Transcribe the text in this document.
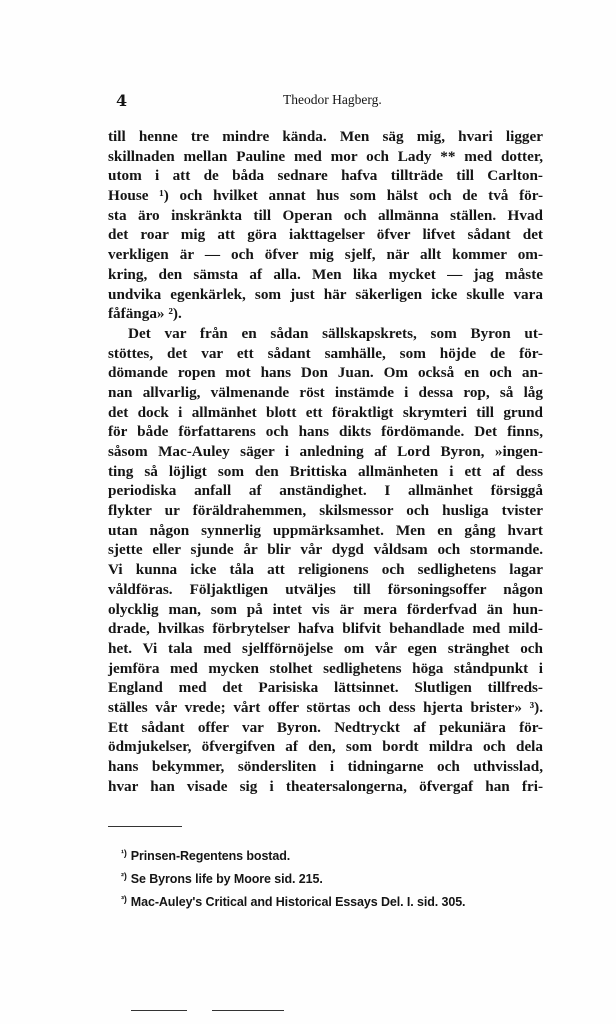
4	Theodor Hagberg.
till henne tre mindre kända. Men säg mig, hvari ligger
skillnaden mellan Pauline med mor och Lady ** med dotter,
utom i att de båda sednare hafva tillträde till Carlton-
House ¹) och hvilket annat hus som hälst och de två för-
sta äro inskränkta till Operan och allmänna ställen. Hvad
det roar mig att göra iakttagelser öfver lifvet sådant det
verkligen är — och öfver mig sjelf, när allt kommer om-
kring, den sämsta af alla. Men lika mycket — jag måste
undvika egenkärlek, som just här säkerligen icke skulle vara
fåfänga» ²).
Det var från en sådan sällskapskrets, som Byron ut-
stöttes, det var ett sådant samhälle, som höjde de för-
dömande ropen mot hans Don Juan. Om också en och an-
nan allvarlig, välmenande röst instämde i dessa rop, så låg
det dock i allmänhet blott ett föraktligt skrymteri till grund
för både författarens och hans dikts fördömande. Det finns,
såsom Mac-Auley säger i anledning af Lord Byron, »ingen-
ting så löjligt som den Brittiska allmänheten i ett af dess
periodiska anfall af anständighet. I allmänhet försiggå
flykter ur föräldrahemmen, skilsmessor och husliga tvister
utan någon synnerlig uppmärksamhet. Men en gång hvart
sjette eller sjunde år blir vår dygd våldsam och stormande.
Vi kunna icke tåla att religionens och sedlighetens lagar
våldföras. Följaktligen utväljes till försoningsoffer någon
olycklig man, som på intet vis är mera förderfvad än hun-
drade, hvilkas förbrytelser hafva blifvit behandlade med mild-
het. Vi tala med sjelfförnöjelse om vår egen stränghet och
jemföra med mycken stolhet sedlighetens höga ståndpunkt i
England med det Parisiska lättsinnet. Slutligen tillfreds-
ställes vår vrede; vårt offer störtas och dess hjerta brister» ³).
Ett sådant offer var Byron. Nedtryckt af pekuniära för-
ödmjukelser, öfvergifven af den, som bordt mildra och dela
hans bekymmer, söndersliten i tidningarne och uthvisslad,
hvar han visade sig i theatersalongerna, öfvergaf han fri-
$^{^1)}$ Prinsen-Regentens bostad.
$^{^2)}$ Se Byrons life by Moore sid. 215.
$^{^3)}$ Mac-Auley's Critical and Historical Essays Del. I. sid. 305.
